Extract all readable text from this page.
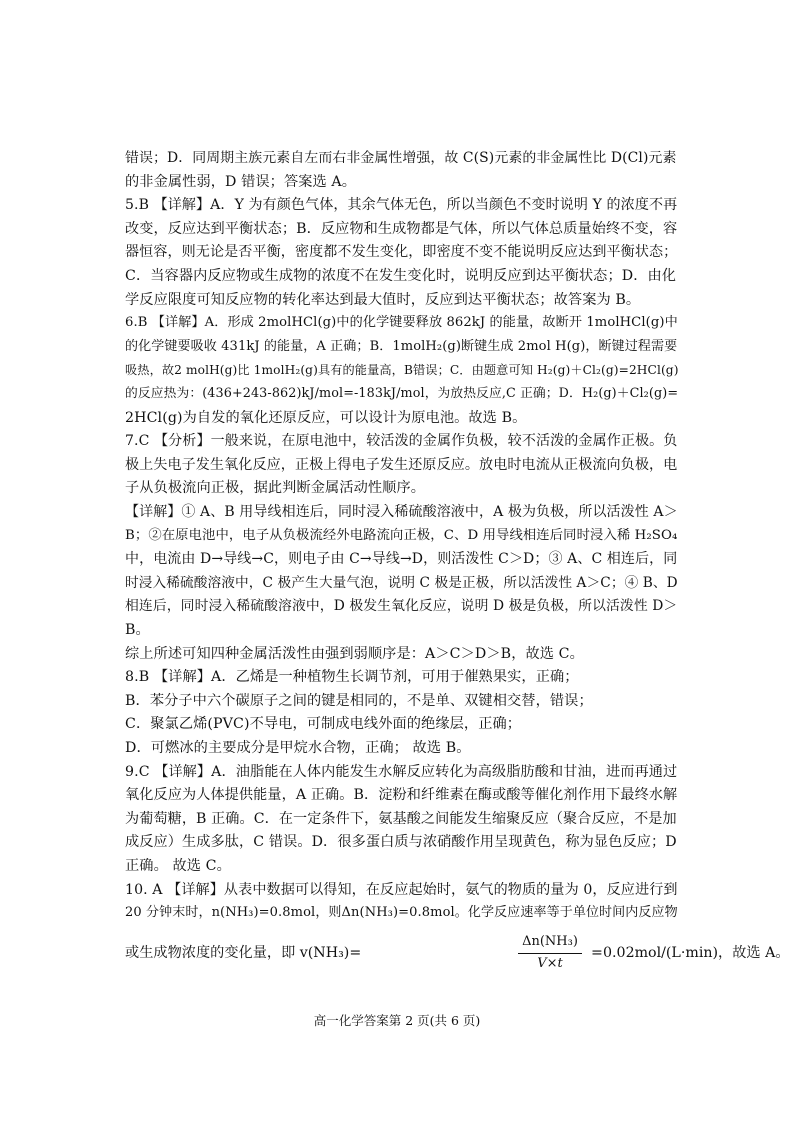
错误；D．同周期主族元素自左而右非金属性增强，故 C(S)元素的非金属性比 D(Cl)元素
的非金属性弱，D 错误；答案选 A。
5.B 【详解】A．Y 为有颜色气体，其余气体无色，所以当颜色不变时说明 Y 的浓度不再
改变，反应达到平衡状态；B．反应物和生成物都是气体，所以气体总质量始终不变，容
器恒容，则无论是否平衡，密度都不发生变化，即密度不变不能说明反应达到平衡状态；
C．当容器内反应物或生成物的浓度不在发生变化时，说明反应到达平衡状态；D．由化
学反应限度可知反应物的转化率达到最大值时，反应到达平衡状态；故答案为 B。
6.B 【详解】A．形成 2molHCl(g)中的化学键要释放 862kJ 的能量，故断开 1molHCl(g)中
的化学键要吸收 431kJ 的能量，A 正确；B．1molH₂(g)断键生成 2mol H(g)，断键过程需要
吸热，故2 molH(g)比 1molH₂(g)具有的能量高，B错误；C．由题意可知 H₂(g)＋Cl₂(g)=2HCl(g)
的反应热为：(436+243-862)kJ/mol=-183kJ/mol，为放热反应,C 正确；D．H₂(g)＋Cl₂(g)=
2HCl(g)为自发的氧化还原反应，可以设计为原电池。故选 B。
7.C 【分析】一般来说，在原电池中，较活泼的金属作负极，较不活泼的金属作正极。负
极上失电子发生氧化反应，正极上得电子发生还原反应。放电时电流从正极流向负极，电
子从负极流向正极，据此判断金属活动性顺序。
【详解】① A、B 用导线相连后，同时浸入稀硫酸溶液中，A 极为负极，所以活泼性 A＞
B；②在原电池中，电子从负极流经外电路流向正极，C、D 用导线相连后同时浸入稀 H₂SO₄
中，电流由 D→导线→C，则电子由 C→导线→D，则活泼性 C＞D；③ A、C 相连后，同
时浸入稀硫酸溶液中，C 极产生大量气泡，说明 C 极是正极，所以活泼性 A＞C；④ B、D
相连后，同时浸入稀硫酸溶液中，D 极发生氧化反应，说明 D 极是负极，所以活泼性 D＞
B。
综上所述可知四种金属活泼性由强到弱顺序是：A＞C＞D＞B，故选 C。
8.B 【详解】A．乙烯是一种植物生长调节剂，可用于催熟果实，正确；
B．苯分子中六个碳原子之间的键是相同的，不是单、双键相交替，错误；
C．聚氯乙烯(PVC)不导电，可制成电线外面的绝缘层，正确；
D．可燃冰的主要成分是甲烷水合物，正确； 故选 B。
9.C 【详解】A．油脂能在人体内能发生水解反应转化为高级脂肪酸和甘油，进而再通过
氧化反应为人体提供能量，A 正确。B．淀粉和纤维素在酶或酸等催化剂作用下最终水解
为葡萄糖，B 正确。C．在一定条件下，氨基酸之间能发生缩聚反应（聚合反应，不是加
成反应）生成多肽，C 错误。D．很多蛋白质与浓硝酸作用呈现黄色，称为显色反应；D
正确。 故选 C。
10. A 【详解】从表中数据可以得知，在反应起始时，氨气的物质的量为 0，反应进行到
20 分钟末时，n(NH₃)=0.8mol，则Δn(NH₃)=0.8mol。化学反应速率等于单位时间内反应物
或生成物浓度的变化量，即 v(NH₃)=
Δn(NH₃)
V×t
= 0.02mol/(L·min)，故选 A。
高一化学答案第 2 页(共 6 页)
